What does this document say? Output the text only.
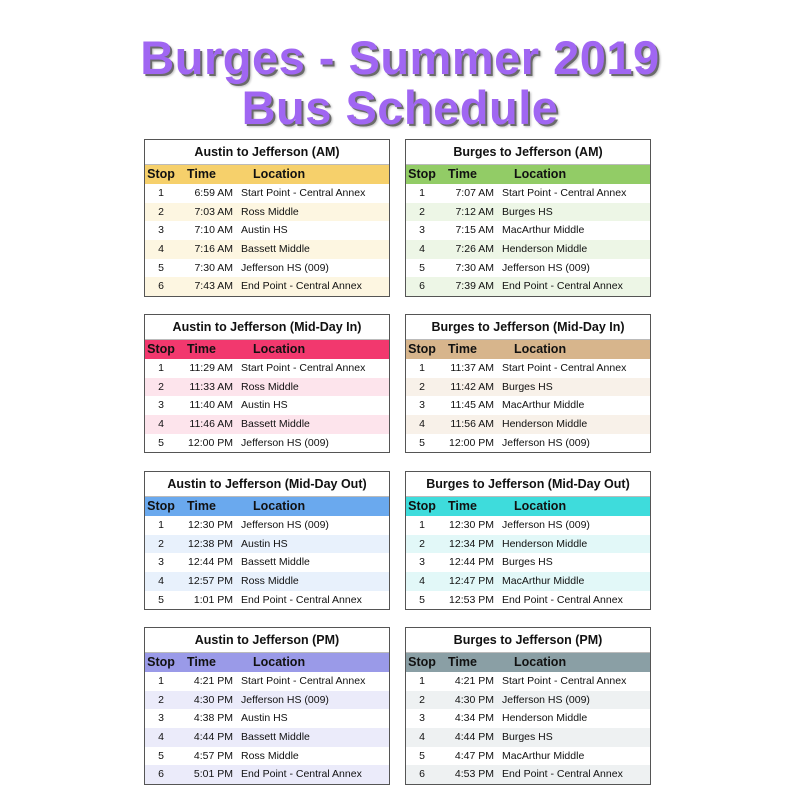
Burges - Summer 2019
Bus Schedule
Austin to Jefferson (AM)
Stop Time	Location
1	6:59 AM Start Point - Central Annex
2	7:03 AM Ross Middle
3	7:10 AM Austin HS
4	7:16 AM Bassett Middle
5	7:30 AM Jefferson HS (009)
6	7:43 AM End Point - Central Annex
Burges to Jefferson (AM)
Stop Time	Location
1	7:07 AM Start Point - Central Annex
2	7:12 AM Burges HS
3	7:15 AM MacArthur Middle
4	7:26 AM Henderson Middle
5	7:30 AM Jefferson HS (009)
6	7:39 AM End Point - Central Annex
Austin to Jefferson (Mid-Day In)
Stop Time	Location
1	11:29 AM Start Point - Central Annex
2	11:33 AM Ross Middle
3	11:40 AM Austin HS
4	11:46 AM Bassett Middle
5	12:00 PM Jefferson HS (009)
Burges to Jefferson (Mid-Day In)
Stop Time	Location
1	11:37 AM Start Point - Central Annex
2	11:42 AM Burges HS
3	11:45 AM MacArthur Middle
4	11:56 AM Henderson Middle
5	12:00 PM Jefferson HS (009)
Austin to Jefferson (Mid-Day Out)
Stop Time	Location
1	12:30 PM Jefferson HS (009)
2	12:38 PM Austin HS
3	12:44 PM Bassett Middle
4	12:57 PM Ross Middle
5	1:01 PM End Point - Central Annex
Burges to Jefferson (Mid-Day Out)
Stop Time	Location
1	12:30 PM Jefferson HS (009)
2	12:34 PM Henderson Middle
3	12:44 PM Burges HS
4	12:47 PM MacArthur Middle
5	12:53 PM End Point - Central Annex
Austin to Jefferson (PM)
Stop Time	Location
1	4:21 PM Start Point - Central Annex
2	4:30 PM Jefferson HS (009)
3	4:38 PM Austin HS
4	4:44 PM Bassett Middle
5	4:57 PM Ross Middle
6	5:01 PM End Point - Central Annex
Burges to Jefferson (PM)
Stop Time	Location
1	4:21 PM Start Point - Central Annex
2	4:30 PM Jefferson HS (009)
3	4:34 PM Henderson Middle
4	4:44 PM Burges HS
5	4:47 PM MacArthur Middle
6	4:53 PM End Point - Central Annex
